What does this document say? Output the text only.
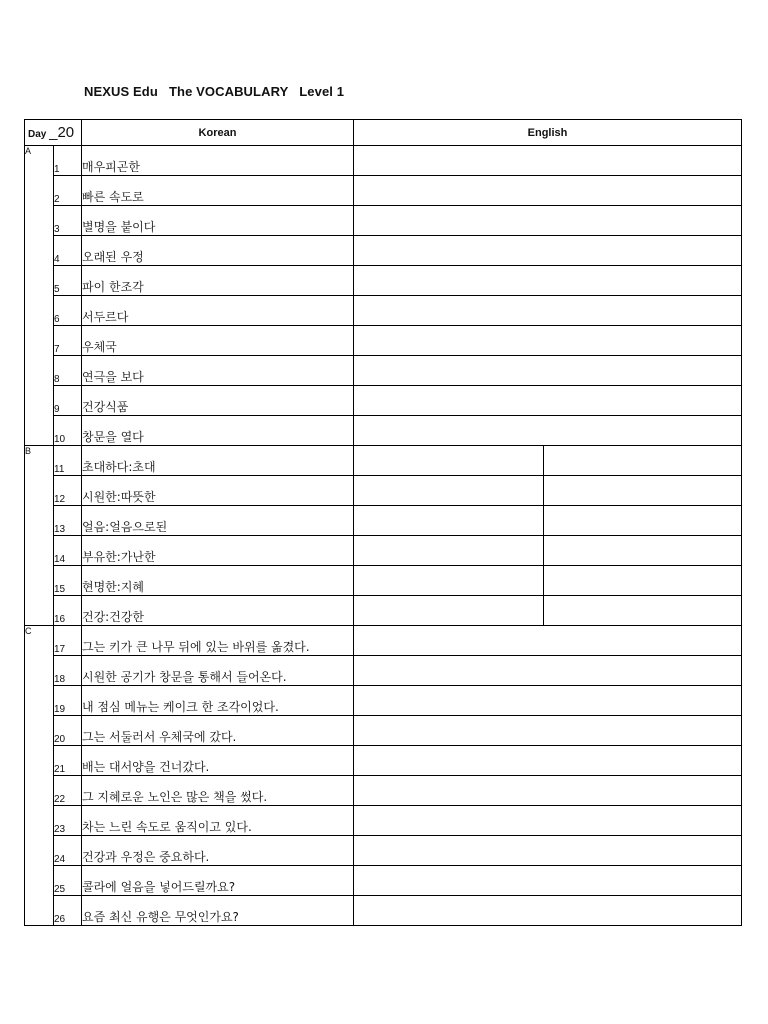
NEXUS Edu   The VOCABULARY   Level 1
Day _20		Korean	English	
A	1	매우피곤한		
	2	빠른 속도로		
	3	별명을 붙이다		
	4	오래된 우정		
	5	파이 한조각		
	6	서두르다		
	7	우체국		
	8	연극을 보다		
	9	건강식품		
	10	창문을 열다		
B	11	초대하다:초대		
	12	시원한:따뜻한		
	13	얼음:얼음으로된		
	14	부유한:가난한		
	15	현명한:지혜		
	16	건강:건강한		
C	17	그는 키가 큰 나무 뒤에 있는 바위를 옮겼다.		
	18	시원한 공기가 창문을 통해서 들어온다.		
	19	내 점심 메뉴는 케이크 한 조각이었다.		
	20	그는 서둘러서 우체국에 갔다.		
	21	배는 대서양을 건너갔다.		
	22	그 지혜로운 노인은 많은 책을 썼다.		
	23	차는 느린 속도로 움직이고 있다.		
	24	건강과 우정은 중요하다.		
	25	콜라에 얼음을 넣어드릴까요?		
	26	요즘 최신 유행은 무엇인가요?		
